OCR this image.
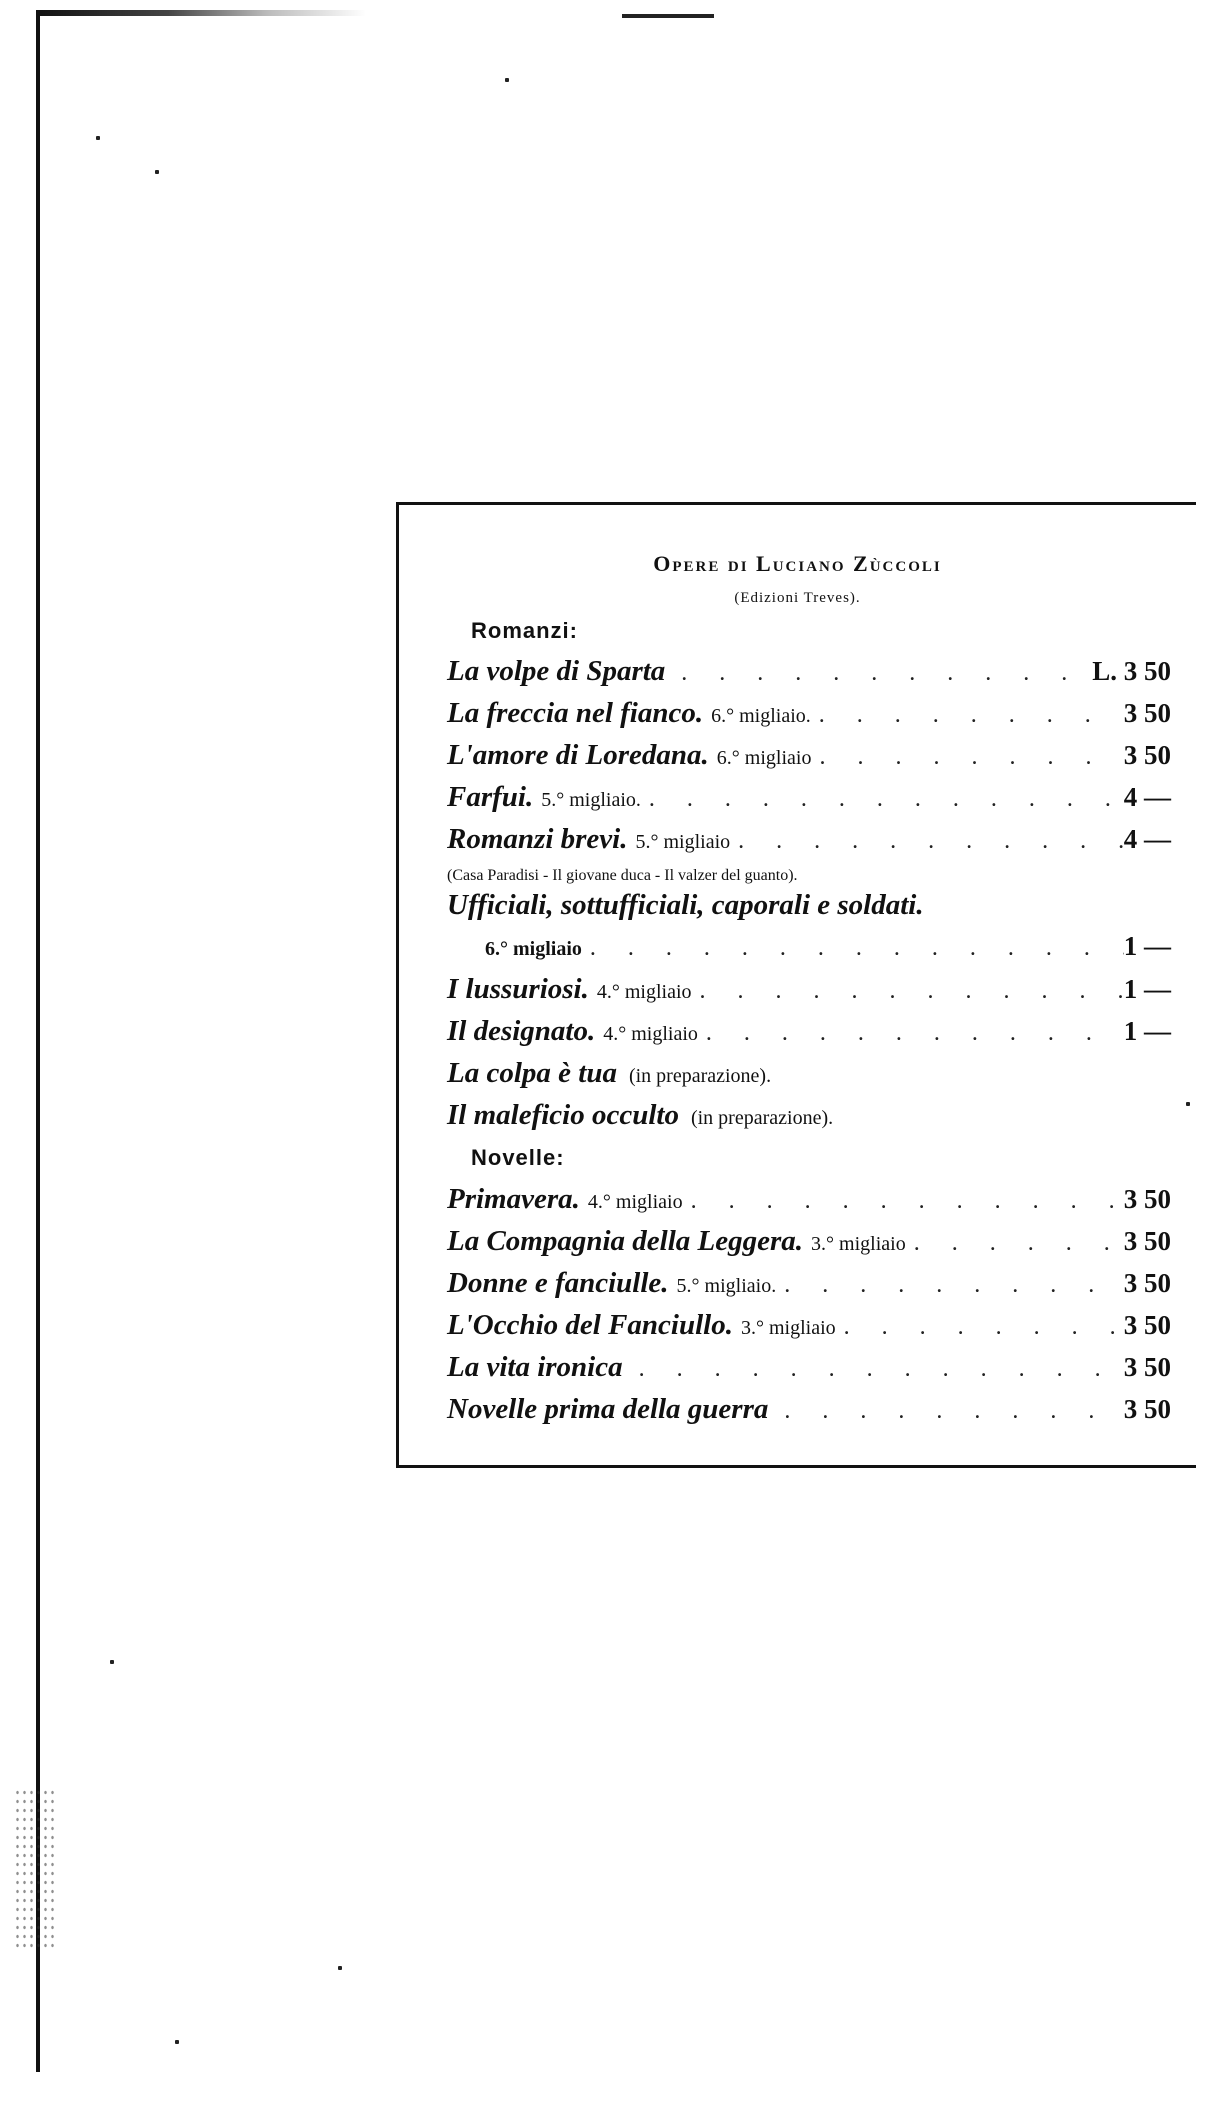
Opere di Luciano Zùccoli
(Edizioni Treves).
Romanzi:
La volpe di Sparta . . .	L. 3 50
La freccia nel fianco. 6.° migliaio. . . .	3 50
L'amore di Loredana. 6.° migliaio . . .	3 50
Farfui. 5.° migliaio. . . .	4 —
Romanzi brevi. 5.° migliaio . . .	4 —
(Casa Paradisi - Il giovane duca - Il valzer del guanto).
Ufficiali, sottufficiali, caporali e soldati.
6.° migliaio . . .	1 —
I lussuriosi. 4.° migliaio . . .	1 —
Il designato. 4.° migliaio . . .	1 —
La colpa è tua (in preparazione).
Il maleficio occulto (in preparazione).
Novelle:
Primavera. 4.° migliaio . . .	3 50
La Compagnia della Leggera. 3.° migliaio . . .	3 50
Donne e fanciulle. 5.° migliaio. . . .	3 50
L'Occhio del Fanciullo. 3.° migliaio . . .	3 50
La vita ironica . . .	3 50
Novelle prima della guerra . . .	3 50
